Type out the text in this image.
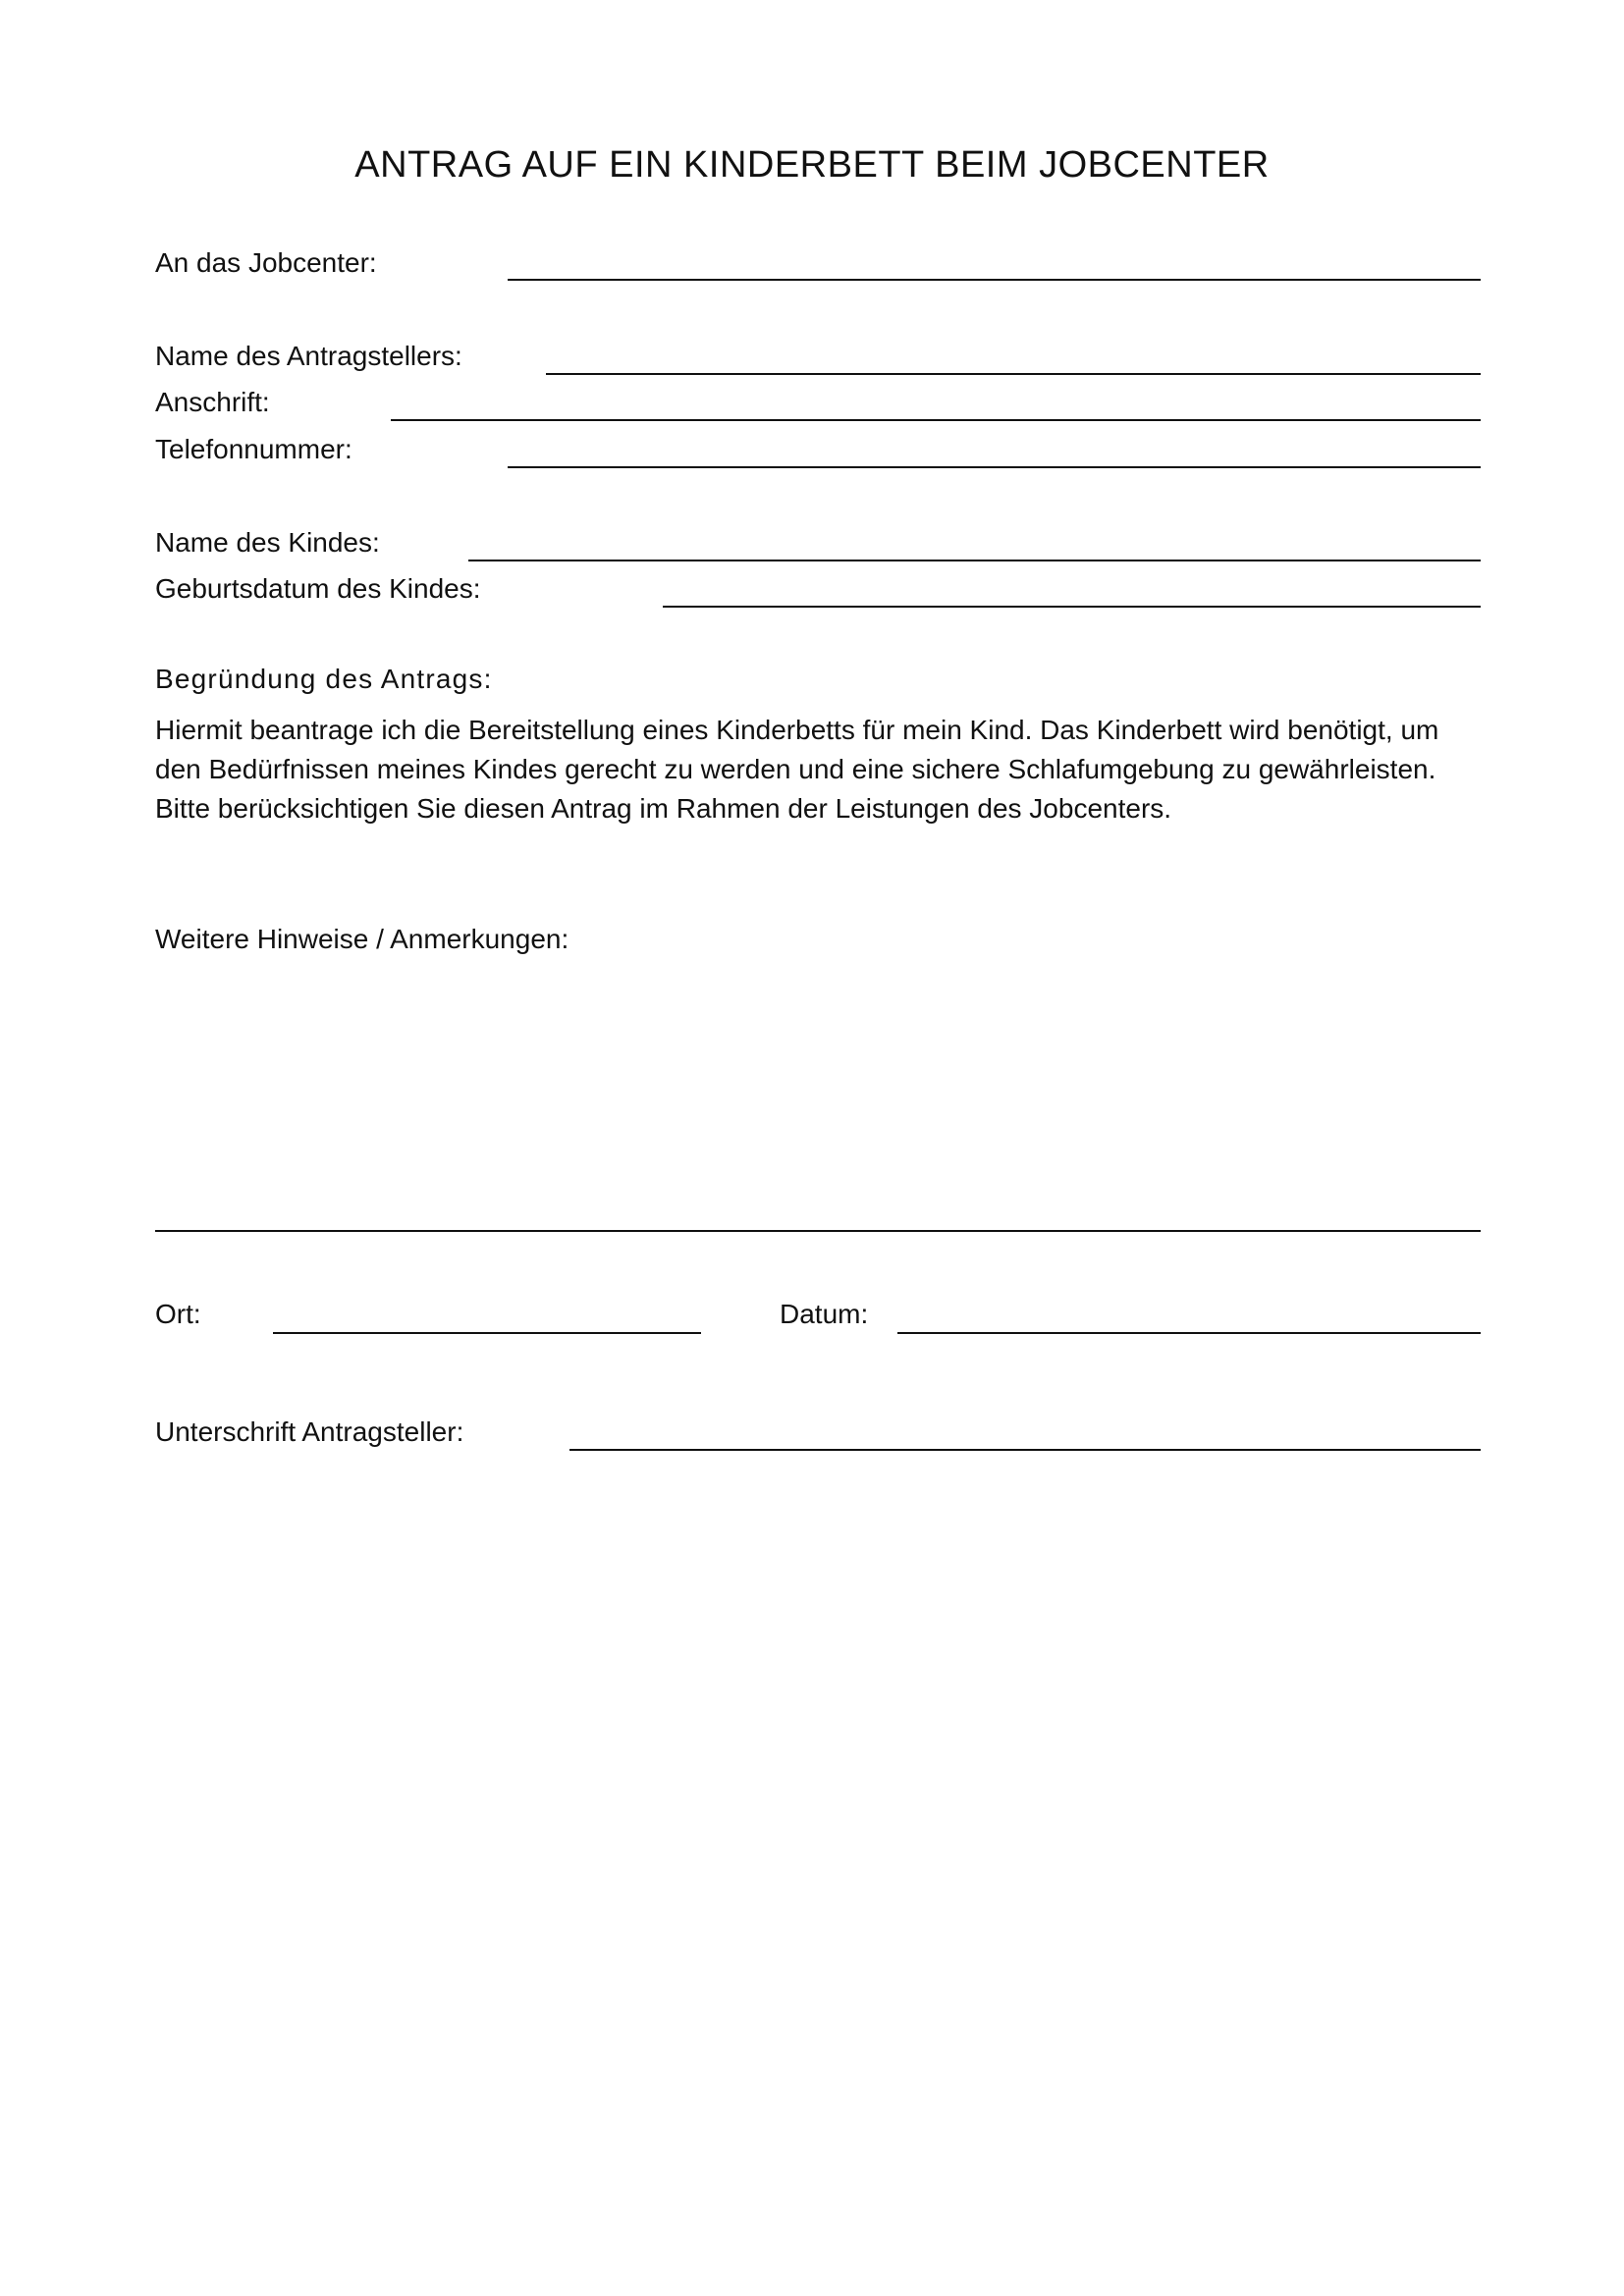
ANTRAG AUF EIN KINDERBETT BEIM JOBCENTER
An das Jobcenter:
Name des Antragstellers:
Anschrift:
Telefonnummer:
Name des Kindes:
Geburtsdatum des Kindes:
Begründung des Antrags:
Hiermit beantrage ich die Bereitstellung eines Kinderbetts für mein Kind. Das Kinderbett wird benötigt, um
den Bedürfnissen meines Kindes gerecht zu werden und eine sichere Schlafumgebung zu gewährleisten.
Bitte berücksichtigen Sie diesen Antrag im Rahmen der Leistungen des Jobcenters.
Weitere Hinweise / Anmerkungen:
Ort:	Datum:
Unterschrift Antragsteller:
